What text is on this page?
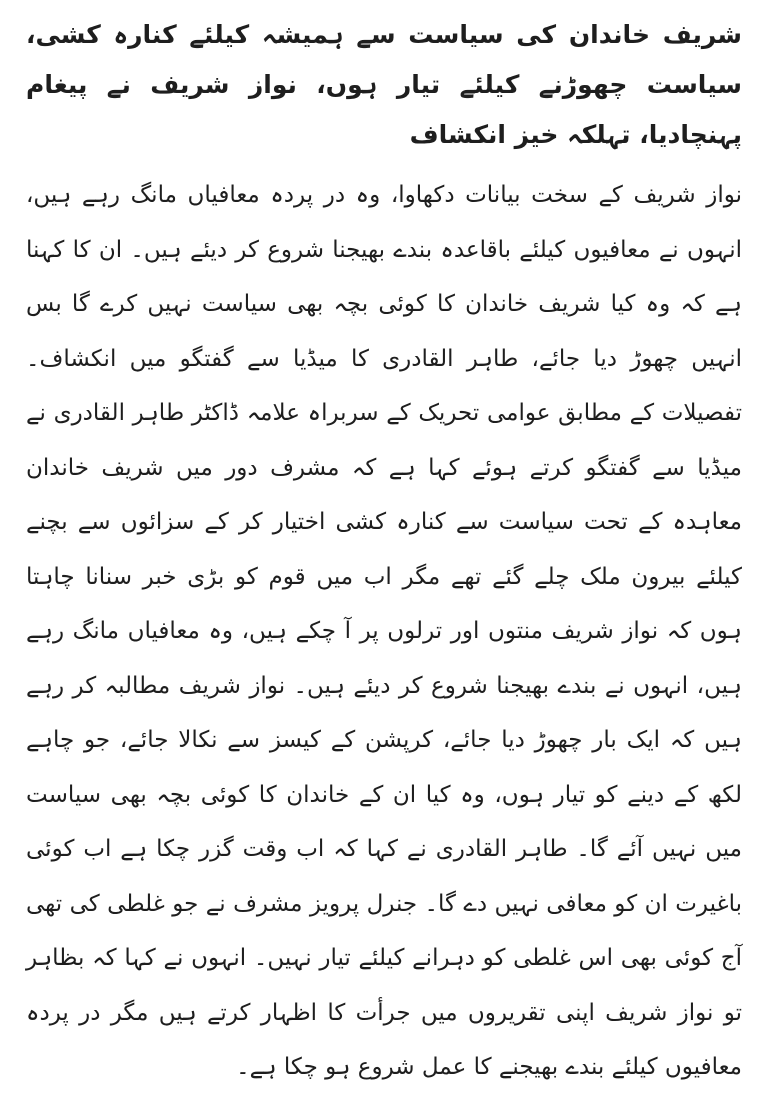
شریف خاندان کی سیاست سے ہمیشہ کیلئے کنارہ کشی، سیاست چھوڑنے کیلئے تیار ہوں، نواز شریف نے پیغام پہنچادیا، تہلکہ خیز انکشاف

نواز شریف کے سخت بیانات دکھاوا، وہ در پردہ معافیاں مانگ رہے ہیں، انہوں نے معافیوں کیلئے باقاعدہ بندے بھیجنا شروع کر دیئے ہیں۔ ان کا کہنا ہے کہ وہ کیا شریف خاندان کا کوئی بچہ بھی سیاست نہیں کرے گا بس انہیں چھوڑ دیا جائے، طاہر القادری کا میڈیا سے گفتگو میں انکشاف۔ تفصیلات کے مطابق عوامی تحریک کے سربراہ علامہ ڈاکٹر طاہر القادری نے میڈیا سے گفتگو کرتے ہوئے کہا ہے کہ مشرف دور میں شریف خاندان معاہدہ کے تحت سیاست سے کنارہ کشی اختیار کر کے سزائوں سے بچنے کیلئے بیرون ملک چلے گئے تھے مگر اب میں قوم کو بڑی خبر سنانا چاہتا ہوں کہ نواز شریف منتوں اور ترلوں پر آ چکے ہیں، وہ معافیاں مانگ رہے ہیں، انہوں نے بندے بھیجنا شروع کر دیئے ہیں۔ نواز شریف مطالبہ کر رہے ہیں کہ ایک بار چھوڑ دیا جائے، کرپشن کے کیسز سے نکالا جائے، جو چاہے لکھ کے دینے کو تیار ہوں، وہ کیا ان کے خاندان کا کوئی بچہ بھی سیاست میں نہیں آئے گا۔ طاہر القادری نے کہا کہ اب وقت گزر چکا ہے اب کوئی باغیرت ان کو معافی نہیں دے گا۔ جنرل پرویز مشرف نے جو غلطی کی تھی آج کوئی بھی اس غلطی کو دہرانے کیلئے تیار نہیں۔ انہوں نے کہا کہ بظاہر تو نواز شریف اپنی تقریروں میں جرأت کا اظہار کرتے ہیں مگر در پردہ معافیوں کیلئے بندے بھیجنے کا عمل شروع ہو چکا ہے۔
